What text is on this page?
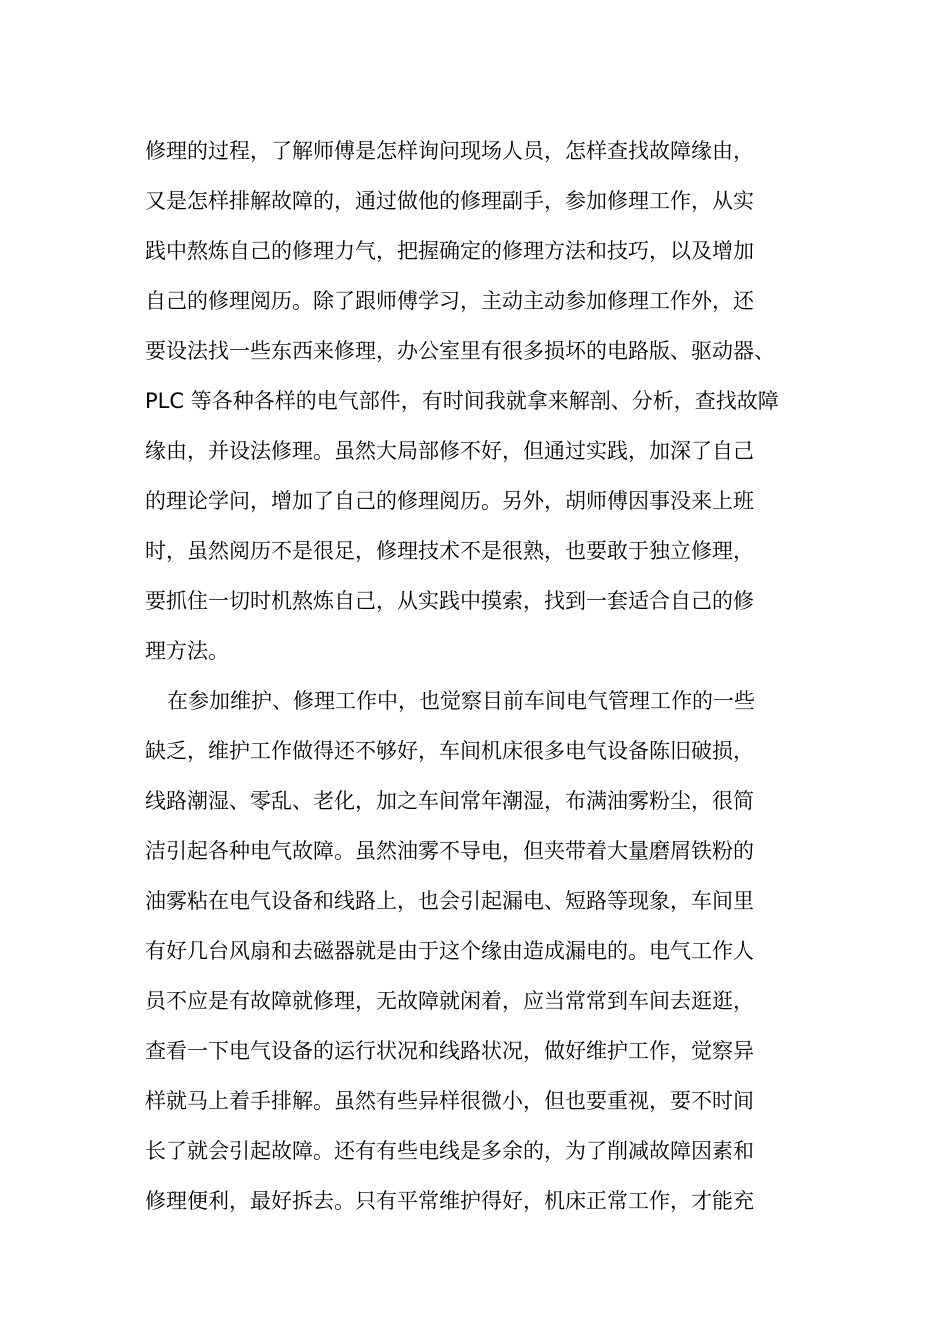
修理的过程，了解师傅是怎样询问现场人员，怎样查找故障缘由，
又是怎样排解故障的，通过做他的修理副手，参加修理工作，从实
践中熬炼自己的修理力气，把握确定的修理方法和技巧，以及增加
自己的修理阅历。除了跟师傅学习，主动主动参加修理工作外，还
要设法找一些东西来修理，办公室里有很多损坏的电路版、驱动器、
PLC 等各种各样的电气部件，有时间我就拿来解剖、分析，查找故障
缘由，并设法修理。虽然大局部修不好，但通过实践，加深了自己
的理论学问，增加了自己的修理阅历。另外，胡师傅因事没来上班
时，虽然阅历不是很足，修理技术不是很熟，也要敢于独立修理，
要抓住一切时机熬炼自己，从实践中摸索，找到一套适合自己的修
理方法。
在参加维护、修理工作中，也觉察目前车间电气管理工作的一些
缺乏，维护工作做得还不够好，车间机床很多电气设备陈旧破损，
线路潮湿、零乱、老化，加之车间常年潮湿，布满油雾粉尘，很简
洁引起各种电气故障。虽然油雾不导电，但夹带着大量磨屑铁粉的
油雾粘在电气设备和线路上，也会引起漏电、短路等现象，车间里
有好几台风扇和去磁器就是由于这个缘由造成漏电的。电气工作人
员不应是有故障就修理，无故障就闲着，应当常常到车间去逛逛，
查看一下电气设备的运行状况和线路状况，做好维护工作，觉察异
样就马上着手排解。虽然有些异样很微小，但也要重视，要不时间
长了就会引起故障。还有有些电线是多余的，为了削减故障因素和
修理便利，最好拆去。只有平常维护得好，机床正常工作，才能充
